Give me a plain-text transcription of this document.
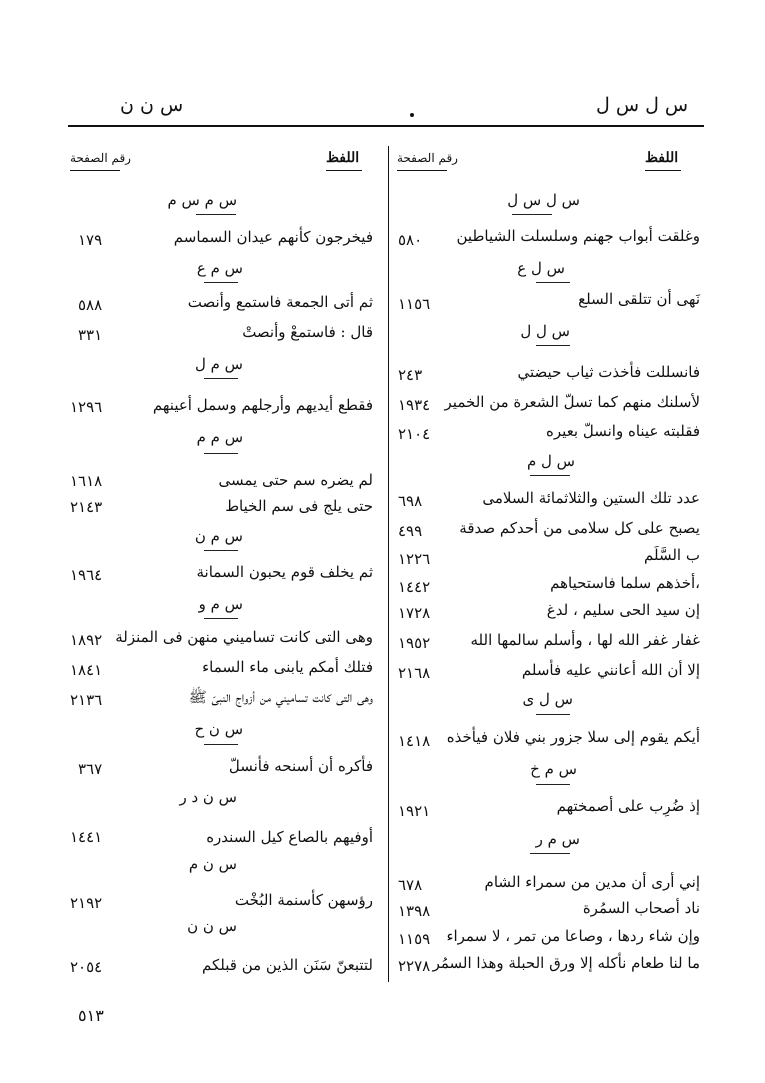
س ن ن	س ل س ل
رقم الصفحة	اللفظ	رقم الصفحة	اللفظ
س ل س ل
وغلقت أبواب جهنم وسلسلت الشياطين
٥٨٠
س ل ع
نَهى أن تتلقى السلع
١١٥٦
س ل ل
فانسللت فأخذت ثياب حيضتي
٢٤٣
لأسلنك منهم كما تسلّ الشعرة من الخمير
١٩٣٤
فقلبته عيناه وانسلّ بعيره
٢١٠٤
س ل م
عدد تلك الستين والثلاثمائة السلامى
٦٩٨
يصبح على كل سلامى من أحدكم صدقة
٤٩٩
ب السَّلَم
١٢٢٦
،أخذهم سلما فاستحياهم
١٤٤٢
إن سيد الحى سليم ، لدغ
١٧٢٨
غفار غفر الله لها ، وأسلم سالمها الله
١٩٥٢
إلا أن الله أعانني عليه فأسلم
٢١٦٨
س ل ى
أيكم يقوم إلى سلا جزور بني فلان فيأخذه
١٤١٨
س م خ
إذ ضُرِب على أصمختهم
١٩٢١
س م ر
إني أرى أن مدين من سمراء الشام
٦٧٨
ناد أصحاب السمُرة
١٣٩٨
وإن شاء ردها ، وصاعا من تمر ، لا سمراء
١١٥٩
ما لنا طعام نأكله إلا ورق الحبلة وهذا السمُر
٢٢٧٨
س م س م
فيخرجون كأنهم عيدان السماسم
١٧٩
س م ع
ثم أتى الجمعة فاستمع وأنصت
٥٨٨
قال : فاستمعْ وأنصتْ
٣٣١
س م ل
فقطع أيديهم وأرجلهم وسمل أعينهم
١٢٩٦
س م م
لم يضره سم حتى يمسى
١٦١٨
حتى يلج فى سم الخياط
٢١٤٣
س م ن
ثم يخلف قوم يحبون السمانة
١٩٦٤
س م و
وهى التى كانت تساميني منهن فى المنزلة
١٨٩٢
فتلك أمكم يابنى ماء السماء
١٨٤١
وهى التى كانت تساميني من أزواج النبىّ ﷺ
٢١٣٦
س ن ح
فأكره أن أسنحه فأنسلّ
٣٦٧
س ن د ر
أوفيهم بالصاع كيل السندره
١٤٤١
س ن م
رؤسهن كأسنمة البُخْت
٢١٩٢
س ن ن
لتتبعنّ سَنَن الذين من قبلكم
٢٠٥٤
٥١٣
